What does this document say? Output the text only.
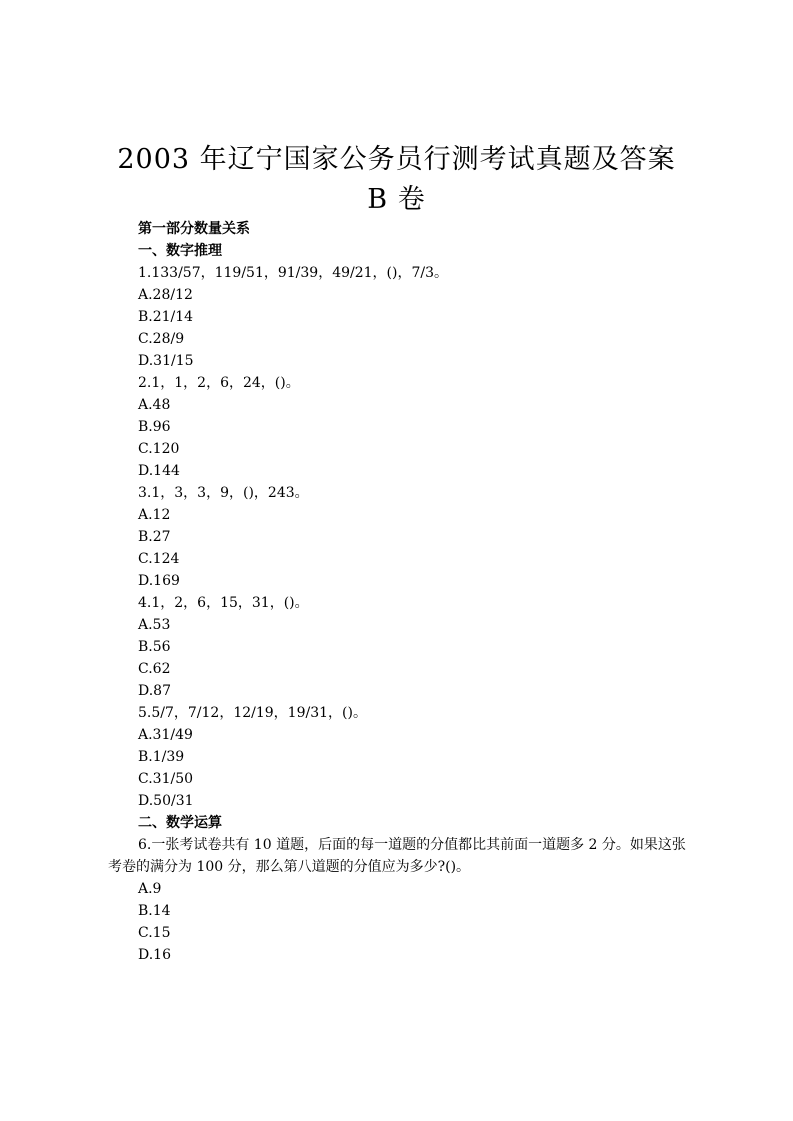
2003 年辽宁国家公务员行测考试真题及答案
B 卷
第一部分数量关系
一、数字推理
1.133/57，119/51，91/39，49/21，()，7/3。
A.28/12
B.21/14
C.28/9
D.31/15
2.1，1，2，6，24，()。
A.48
B.96
C.120
D.144
3.1，3，3，9，()，243。
A.12
B.27
C.124
D.169
4.1，2，6，15，31，()。
A.53
B.56
C.62
D.87
5.5/7，7/12，12/19，19/31，()。
A.31/49
B.1/39
C.31/50
D.50/31
二、数学运算
6.一张考试卷共有 10 道题，后面的每一道题的分值都比其前面一道题多 2 分。如果这张考卷的满分为 100 分，那么第八道题的分值应为多少?()。
A.9
B.14
C.15
D.16
